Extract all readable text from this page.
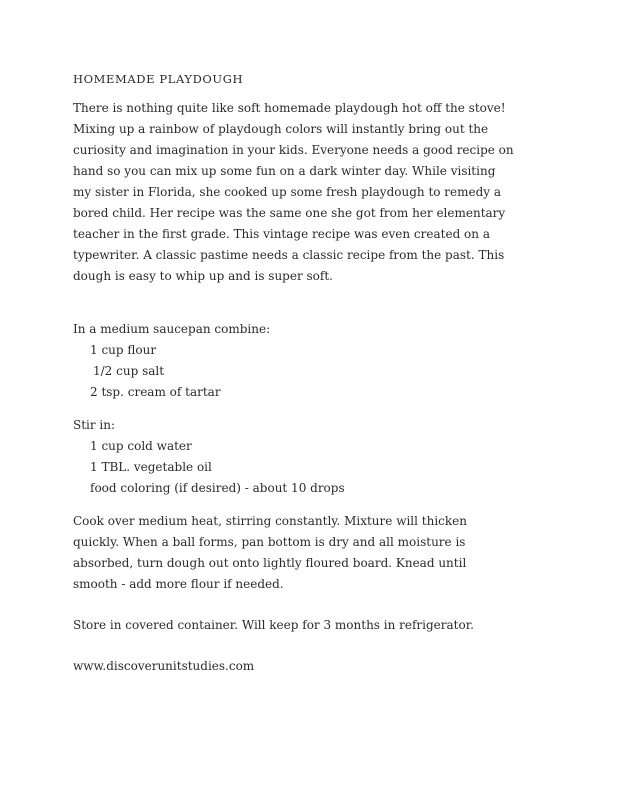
HOMEMADE PLAYDOUGH

There is nothing quite like soft homemade playdough hot off the stove!
Mixing up a rainbow of playdough colors will instantly bring out the
curiosity and imagination in your kids. Everyone needs a good recipe on
hand so you can mix up some fun on a dark winter day. While visiting
my sister in Florida, she cooked up some fresh playdough to remedy a
bored child. Her recipe was the same one she got from her elementary
teacher in the first grade. This vintage recipe was even created on a
typewriter. A classic pastime needs a classic recipe from the past. This
dough is easy to whip up and is super soft.

In a medium saucepan combine:

1 cup flour
1/2 cup salt
2 tsp. cream of tartar

Stir in:

1 cup cold water
1 TBL. vegetable oil
food coloring (if desired) - about 10 drops

Cook over medium heat, stirring constantly. Mixture will thicken
quickly. When a ball forms, pan bottom is dry and all moisture is
absorbed, turn dough out onto lightly floured board. Knead until
smooth - add more flour if needed.

Store in covered container. Will keep for 3 months in refrigerator.

www.discoverunitstudies.com
